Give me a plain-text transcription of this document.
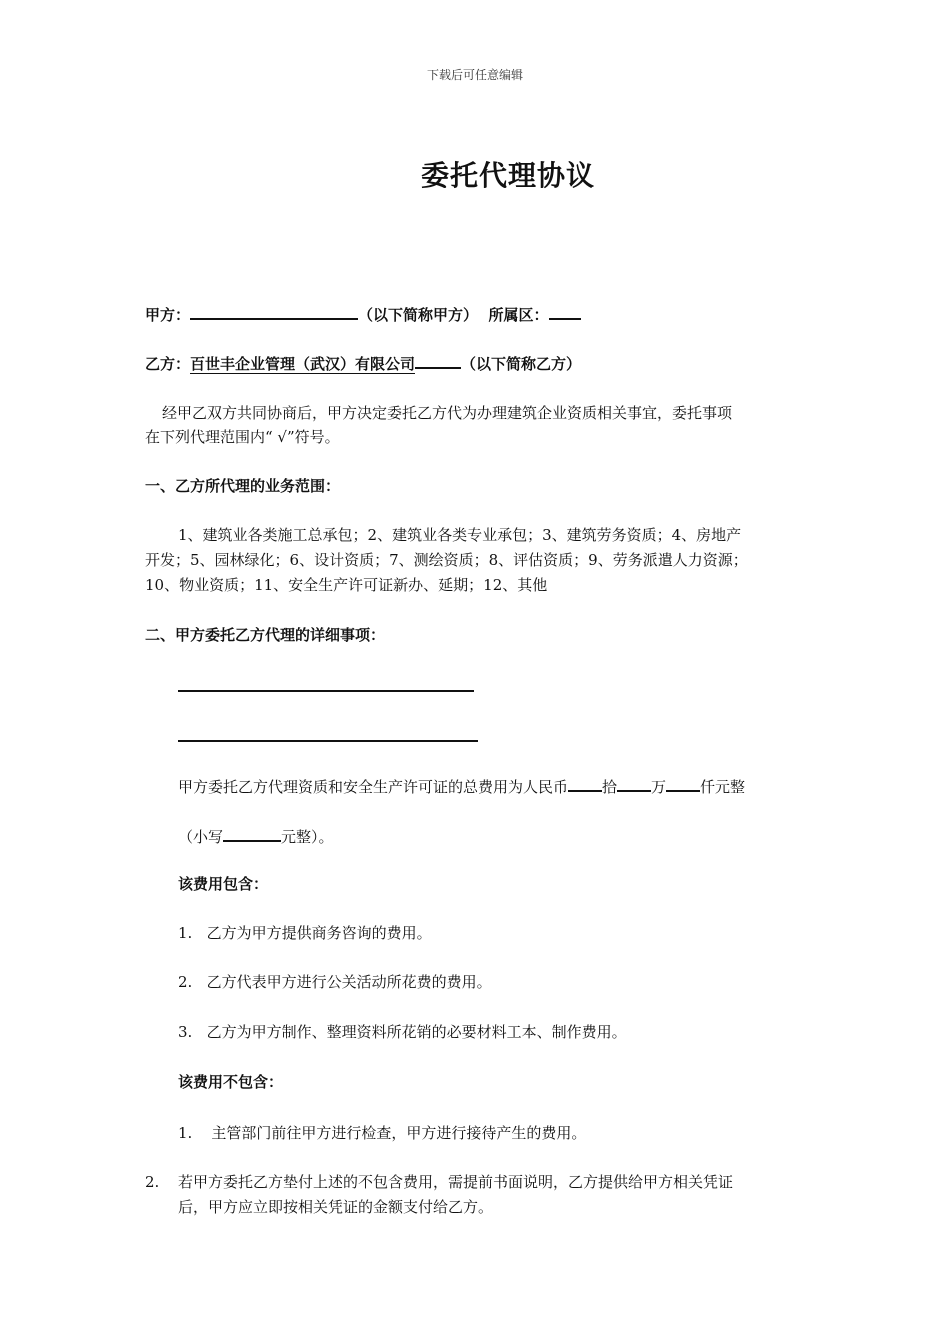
下载后可任意编辑
委托代理协议
甲方：	（以下简称甲方） 所属区：
乙方：百世丰企业管理（武汉）有限公司	（以下简称乙方）
经甲乙双方共同协商后，甲方决定委托乙方代为办理建筑企业资质相关事宜，委托事项
在下列代理范围内“ √”符号。
一、乙方所代理的业务范围：
1、建筑业各类施工总承包；2、建筑业各类专业承包；3、建筑劳务资质；4、房地产
开发；5、园林绿化；6、设计资质；7、测绘资质；8、评估资质；9、劳务派遣人力资源；
10、物业资质；11、安全生产许可证新办、延期；12、其他
二、甲方委托乙方代理的详细事项：
甲方委托乙方代理资质和安全生产许可证的总费用为人民币 拾 万 仟元整
（小写	元整）。
该费用包含：
1. 乙方为甲方提供商务咨询的费用。
2. 乙方代表甲方进行公关活动所花费的费用。
3. 乙方为甲方制作、整理资料所花销的必要材料工本、制作费用。
该费用不包含：
1. 主管部门前往甲方进行检查，甲方进行接待产生的费用。
2. 若甲方委托乙方垫付上述的不包含费用，需提前书面说明，乙方提供给甲方相关凭证
后，甲方应立即按相关凭证的金额支付给乙方。
